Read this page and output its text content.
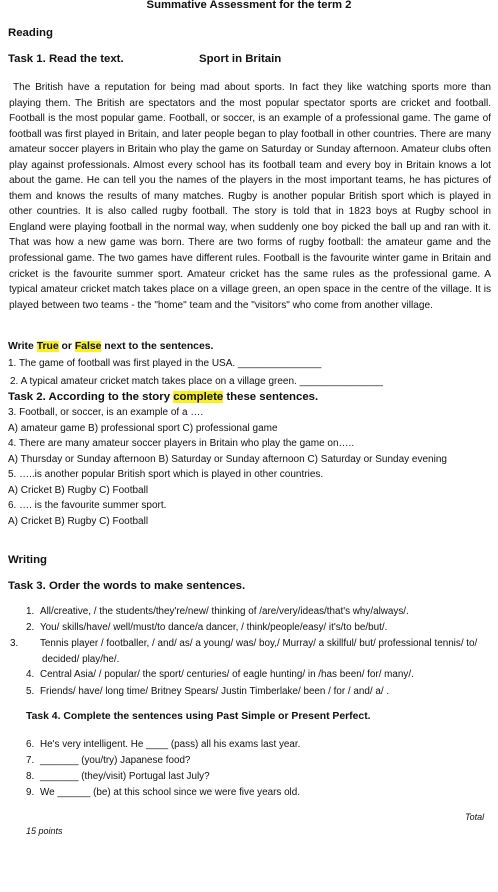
Summative Assessment for the term 2
Reading
Task 1. Read the text.	Sport in Britain
The British have a reputation for being mad about sports. In fact they like watching sports more than playing them. The British are spectators and the most popular spectator sports are cricket and football. Football is the most popular game. Football, or soccer, is an example of a professional game. The game of football was first played in Britain, and later people began to play football in other countries. There are many amateur soccer players in Britain who play the game on Saturday or Sunday afternoon. Amateur clubs often play against professionals. Almost every school has its football team and every boy in Britain knows a lot about the game. He can tell you the names of the players in the most important teams, he has pictures of them and knows the results of many matches. Rugby is another popular British sport which is played in other countries. It is also called rugby football. The story is told that in 1823 boys at Rugby school in England were playing football in the normal way, when suddenly one boy picked the ball up and ran with it. That was how a new game was born. There are two forms of rugby football: the amateur game and the professional game. The two games have different rules. Football is the favourite winter game in Britain and cricket is the favourite summer sport. Amateur cricket has the same rules as the professional game. A typical amateur cricket match takes place on a village green, an open space in the centre of the village. It is played between two teams - the "home" team and the "visitors" who come from another village.
Write True or False next to the sentences.
1. The game of football was first played in the USA. _______________
2. A typical amateur cricket match takes place on a village green. _______________
Task 2. According to the story complete these sentences.
3. Football, or soccer, is an example of a ….
A) amateur game B) professional sport C) professional game
4. There are many amateur soccer players in Britain who play the game on…..
A) Thursday or Sunday afternoon B) Saturday or Sunday afternoon C) Saturday or Sunday evening
5. …..is another popular British sport which is played in other countries.
A) Cricket B) Rugby C) Football
6. …. is the favourite summer sport.
A) Cricket B) Rugby C) Football
Writing
Task 3. Order the words to make sentences.
1. All/creative, / the students/they're/new/ thinking of /are/very/ideas/that's why/always/.
2. You/ skills/have/ well/must/to dance/a dancer, / think/people/easy/ it's/to be/but/.
3. Tennis player / footballer, / and/ as/ a young/ was/ boy,/ Murray/ a skillful/ but/ professional tennis/ to/ decided/ play/he/.
4. Central Asia/ / popular/ the sport/ centuries/ of eagle hunting/ in /has been/ for/ many/.
5. Friends/ have/ long time/ Britney Spears/ Justin Timberlake/ been / for / and/ a/ .
Task 4. Complete the sentences using Past Simple or Present Perfect.
6. He's very intelligent. He ____ (pass) all his exams last year.
7. _______ (you/try) Japanese food?
8. _______ (they/visit) Portugal last July?
9. We ______ (be) at this school since we were five years old.
Total
15 points
